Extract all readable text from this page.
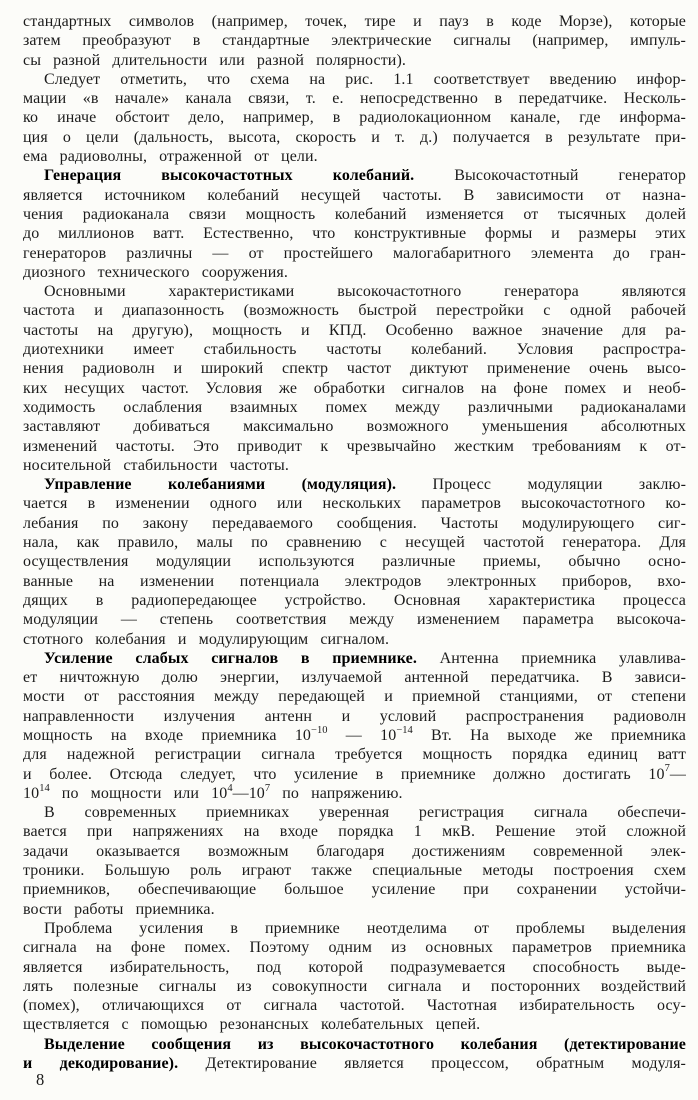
стандартных символов (например, точек, тире и пауз в коде Морзе), которые
затем преобразуют в стандартные электрические сигналы (например, импуль-
сы разной длительности или разной полярности).
Следует отметить, что схема на рис. 1.1 соответствует введению инфор-
мации «в начале» канала связи, т. е. непосредственно в передатчике. Несколь-
ко иначе обстоит дело, например, в радиолокационном канале, где информа-
ция о цели (дальность, высота, скорость и т. д.) получается в результате при-
ема радиоволны, отраженной от цели.
Генерация высокочастотных колебаний. Высокочастотный генератор
является источником колебаний несущей частоты. В зависимости от назна-
чения радиоканала связи мощность колебаний изменяется от тысячных долей
до миллионов ватт. Естественно, что конструктивные формы и размеры этих
генераторов различны — от простейшего малогабаритного элемента до гран-
диозного технического сооружения.
Основными характеристиками высокочастотного генератора являются
частота и диапазонность (возможность быстрой перестройки с одной рабочей
частоты на другую), мощность и КПД. Особенно важное значение для ра-
диотехники имеет стабильность частоты колебаний. Условия распростра-
нения радиоволн и широкий спектр частот диктуют применение очень высо-
ких несущих частот. Условия же обработки сигналов на фоне помех и необ-
ходимость ослабления взаимных помех между различными радиоканалами
заставляют добиваться максимально возможного уменьшения абсолютных
изменений частоты. Это приводит к чрезвычайно жестким требованиям к от-
носительной стабильности частоты.
Управление колебаниями (модуляция). Процесс модуляции заклю-
чается в изменении одного или нескольких параметров высокочастотного ко-
лебания по закону передаваемого сообщения. Частоты модулирующего сиг-
нала, как правило, малы по сравнению с несущей частотой генератора. Для
осуществления модуляции используются различные приемы, обычно осно-
ванные на изменении потенциала электродов электронных приборов, вхо-
дящих в радиопередающее устройство. Основная характеристика процесса
модуляции — степень соответствия между изменением параметра высокоча-
стотного колебания и модулирующим сигналом.
Усиление слабых сигналов в приемнике. Антенна приемника улавлива-
ет ничтожную долю энергии, излучаемой антенной передатчика. В зависи-
мости от расстояния между передающей и приемной станциями, от степени
направленности излучения антенн и условий распространения радиоволн
мощность на входе приемника $10^{-10}$ — $10^{-14}$ Вт. На выходе же приемника
для надежной регистрации сигнала требуется мощность порядка единиц ватт
и более. Отсюда следует, что усиление в приемнике должно достигать $10^7—$
$10^{14}$ по мощности или $10^4—10^7$ по напряжению.
В современных приемниках уверенная регистрация сигнала обеспечи-
вается при напряжениях на входе порядка 1 мкВ. Решение этой сложной
задачи оказывается возможным благодаря достижениям современной элек-
троники. Большую роль играют также специальные методы построения схем
приемников, обеспечивающие большое усиление при сохранении устойчи-
вости работы приемника.
Проблема усиления в приемнике неотделима от проблемы выделения
сигнала на фоне помех. Поэтому одним из основных параметров приемника
является избирательность, под которой подразумевается способность выде-
лять полезные сигналы из совокупности сигнала и посторонних воздействий
(помех), отличающихся от сигнала частотой. Частотная избирательность осу-
ществляется с помощью резонансных колебательных цепей.
Выделение сообщения из высокочастотного колебания (детектирование
и декодирование). Детектирование является процессом, обратным модуля-
8
